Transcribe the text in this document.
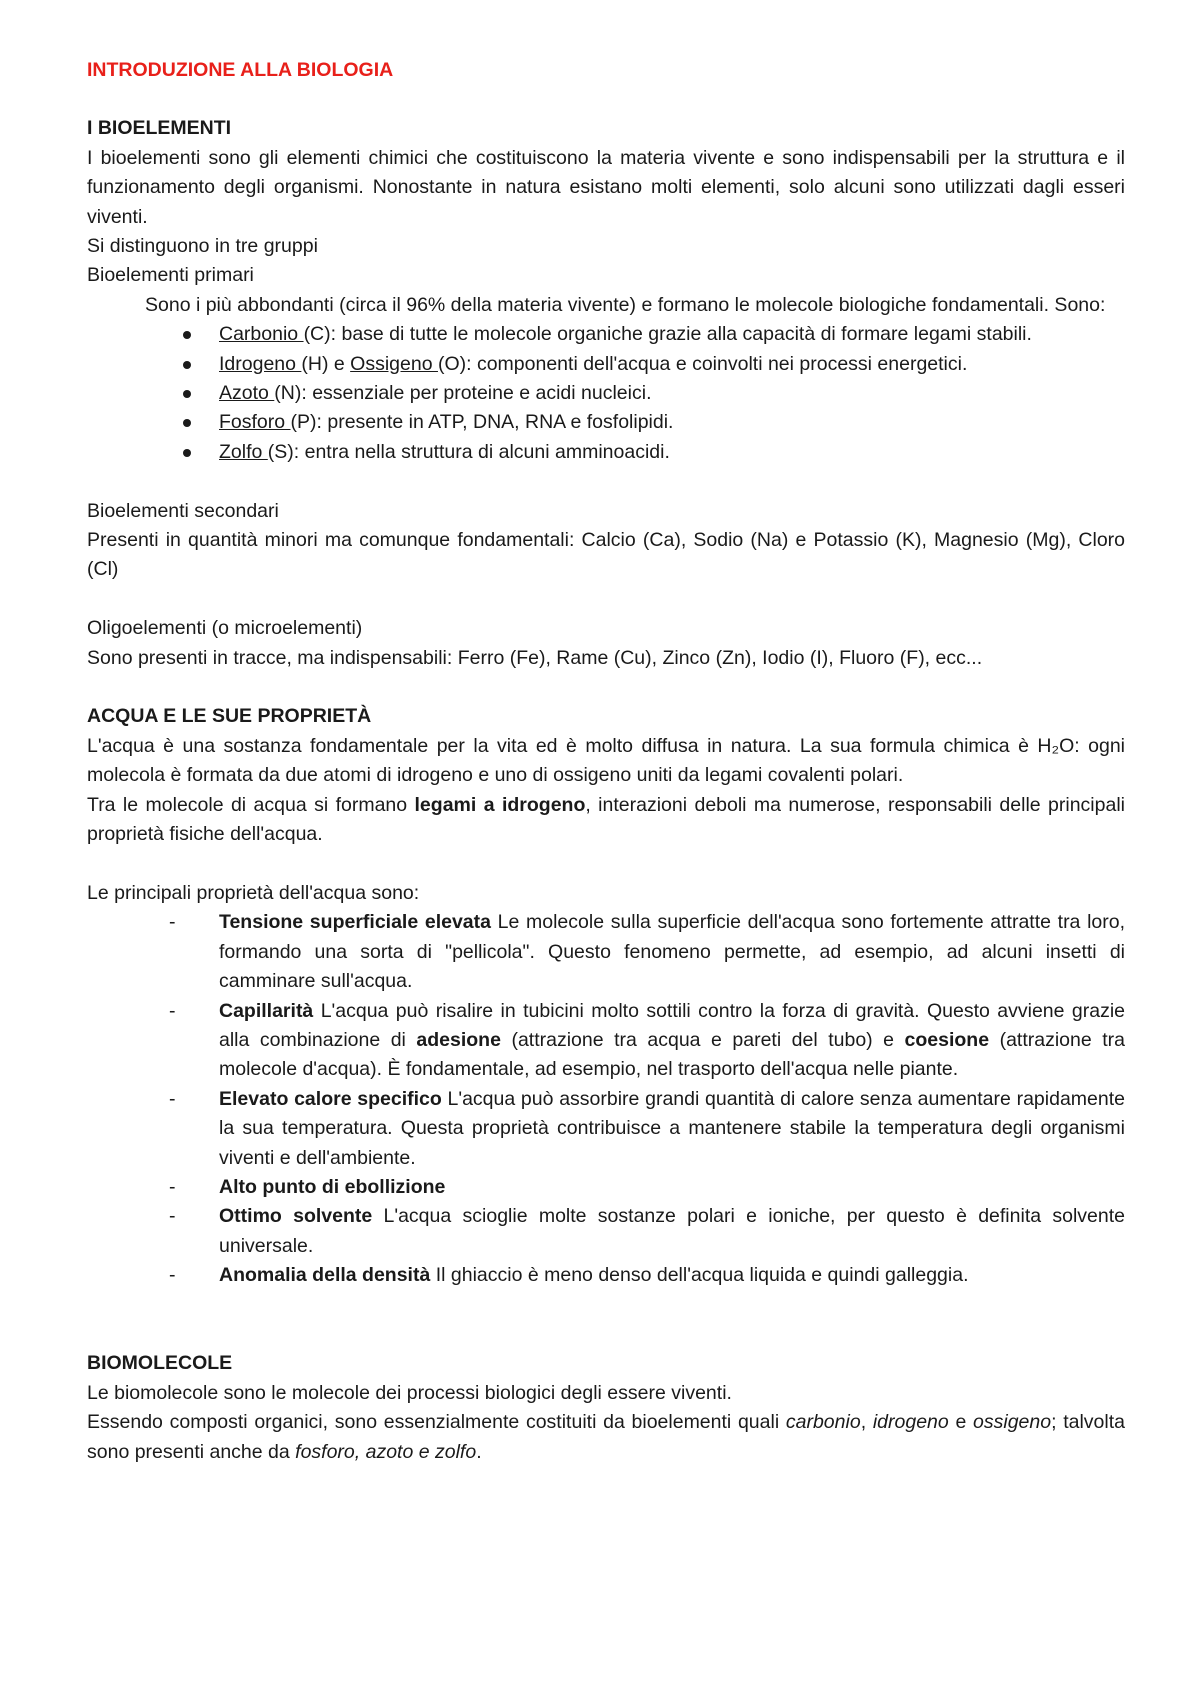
INTRODUZIONE ALLA BIOLOGIA

I BIOELEMENTI

I bioelementi sono gli elementi chimici che costituiscono la materia vivente e sono indispensabili per la struttura e il funzionamento degli organismi. Nonostante in natura esistano molti elementi, solo alcuni sono utilizzati dagli esseri viventi.

Si distinguono in tre gruppi

Bioelementi primari

Sono i più abbondanti (circa il 96% della materia vivente) e formano le molecole biologiche fondamentali. Sono:

Carbonio (C): base di tutte le molecole organiche grazie alla capacità di formare legami stabili.
Idrogeno (H) e Ossigeno (O): componenti dell'acqua e coinvolti nei processi energetici.
Azoto (N): essenziale per proteine e acidi nucleici.
Fosforo (P): presente in ATP, DNA, RNA e fosfolipidi.
Zolfo (S): entra nella struttura di alcuni amminoacidi.

Bioelementi secondari

Presenti in quantità minori ma comunque fondamentali: Calcio (Ca), Sodio (Na) e Potassio (K), Magnesio (Mg), Cloro (Cl)

Oligoelementi (o microelementi)

Sono presenti in tracce, ma indispensabili: Ferro (Fe), Rame (Cu), Zinco (Zn), Iodio (I), Fluoro (F), ecc...

ACQUA E LE SUE PROPRIETÀ

L'acqua è una sostanza fondamentale per la vita ed è molto diffusa in natura. La sua formula chimica è H₂O: ogni molecola è formata da due atomi di idrogeno e uno di ossigeno uniti da legami covalenti polari.

Tra le molecole di acqua si formano legami a idrogeno, interazioni deboli ma numerose, responsabili delle principali proprietà fisiche dell'acqua.

Le principali proprietà dell'acqua sono:

- Tensione superficiale elevata Le molecole sulla superficie dell'acqua sono fortemente attratte tra loro, formando una sorta di "pellicola". Questo fenomeno permette, ad esempio, ad alcuni insetti di camminare sull'acqua.
- Capillarità L'acqua può risalire in tubicini molto sottili contro la forza di gravità. Questo avviene grazie alla combinazione di adesione (attrazione tra acqua e pareti del tubo) e coesione (attrazione tra molecole d'acqua). È fondamentale, ad esempio, nel trasporto dell'acqua nelle piante.
- Elevato calore specifico L'acqua può assorbire grandi quantità di calore senza aumentare rapidamente la sua temperatura. Questa proprietà contribuisce a mantenere stabile la temperatura degli organismi viventi e dell'ambiente.
- Alto punto di ebollizione
- Ottimo solvente L'acqua scioglie molte sostanze polari e ioniche, per questo è definita solvente universale.
- Anomalia della densità Il ghiaccio è meno denso dell'acqua liquida e quindi galleggia.

BIOMOLECOLE

Le biomolecole sono le molecole dei processi biologici degli essere viventi.

Essendo composti organici, sono essenzialmente costituiti da bioelementi quali carbonio, idrogeno e ossigeno; talvolta sono presenti anche da fosforo, azoto e zolfo.
